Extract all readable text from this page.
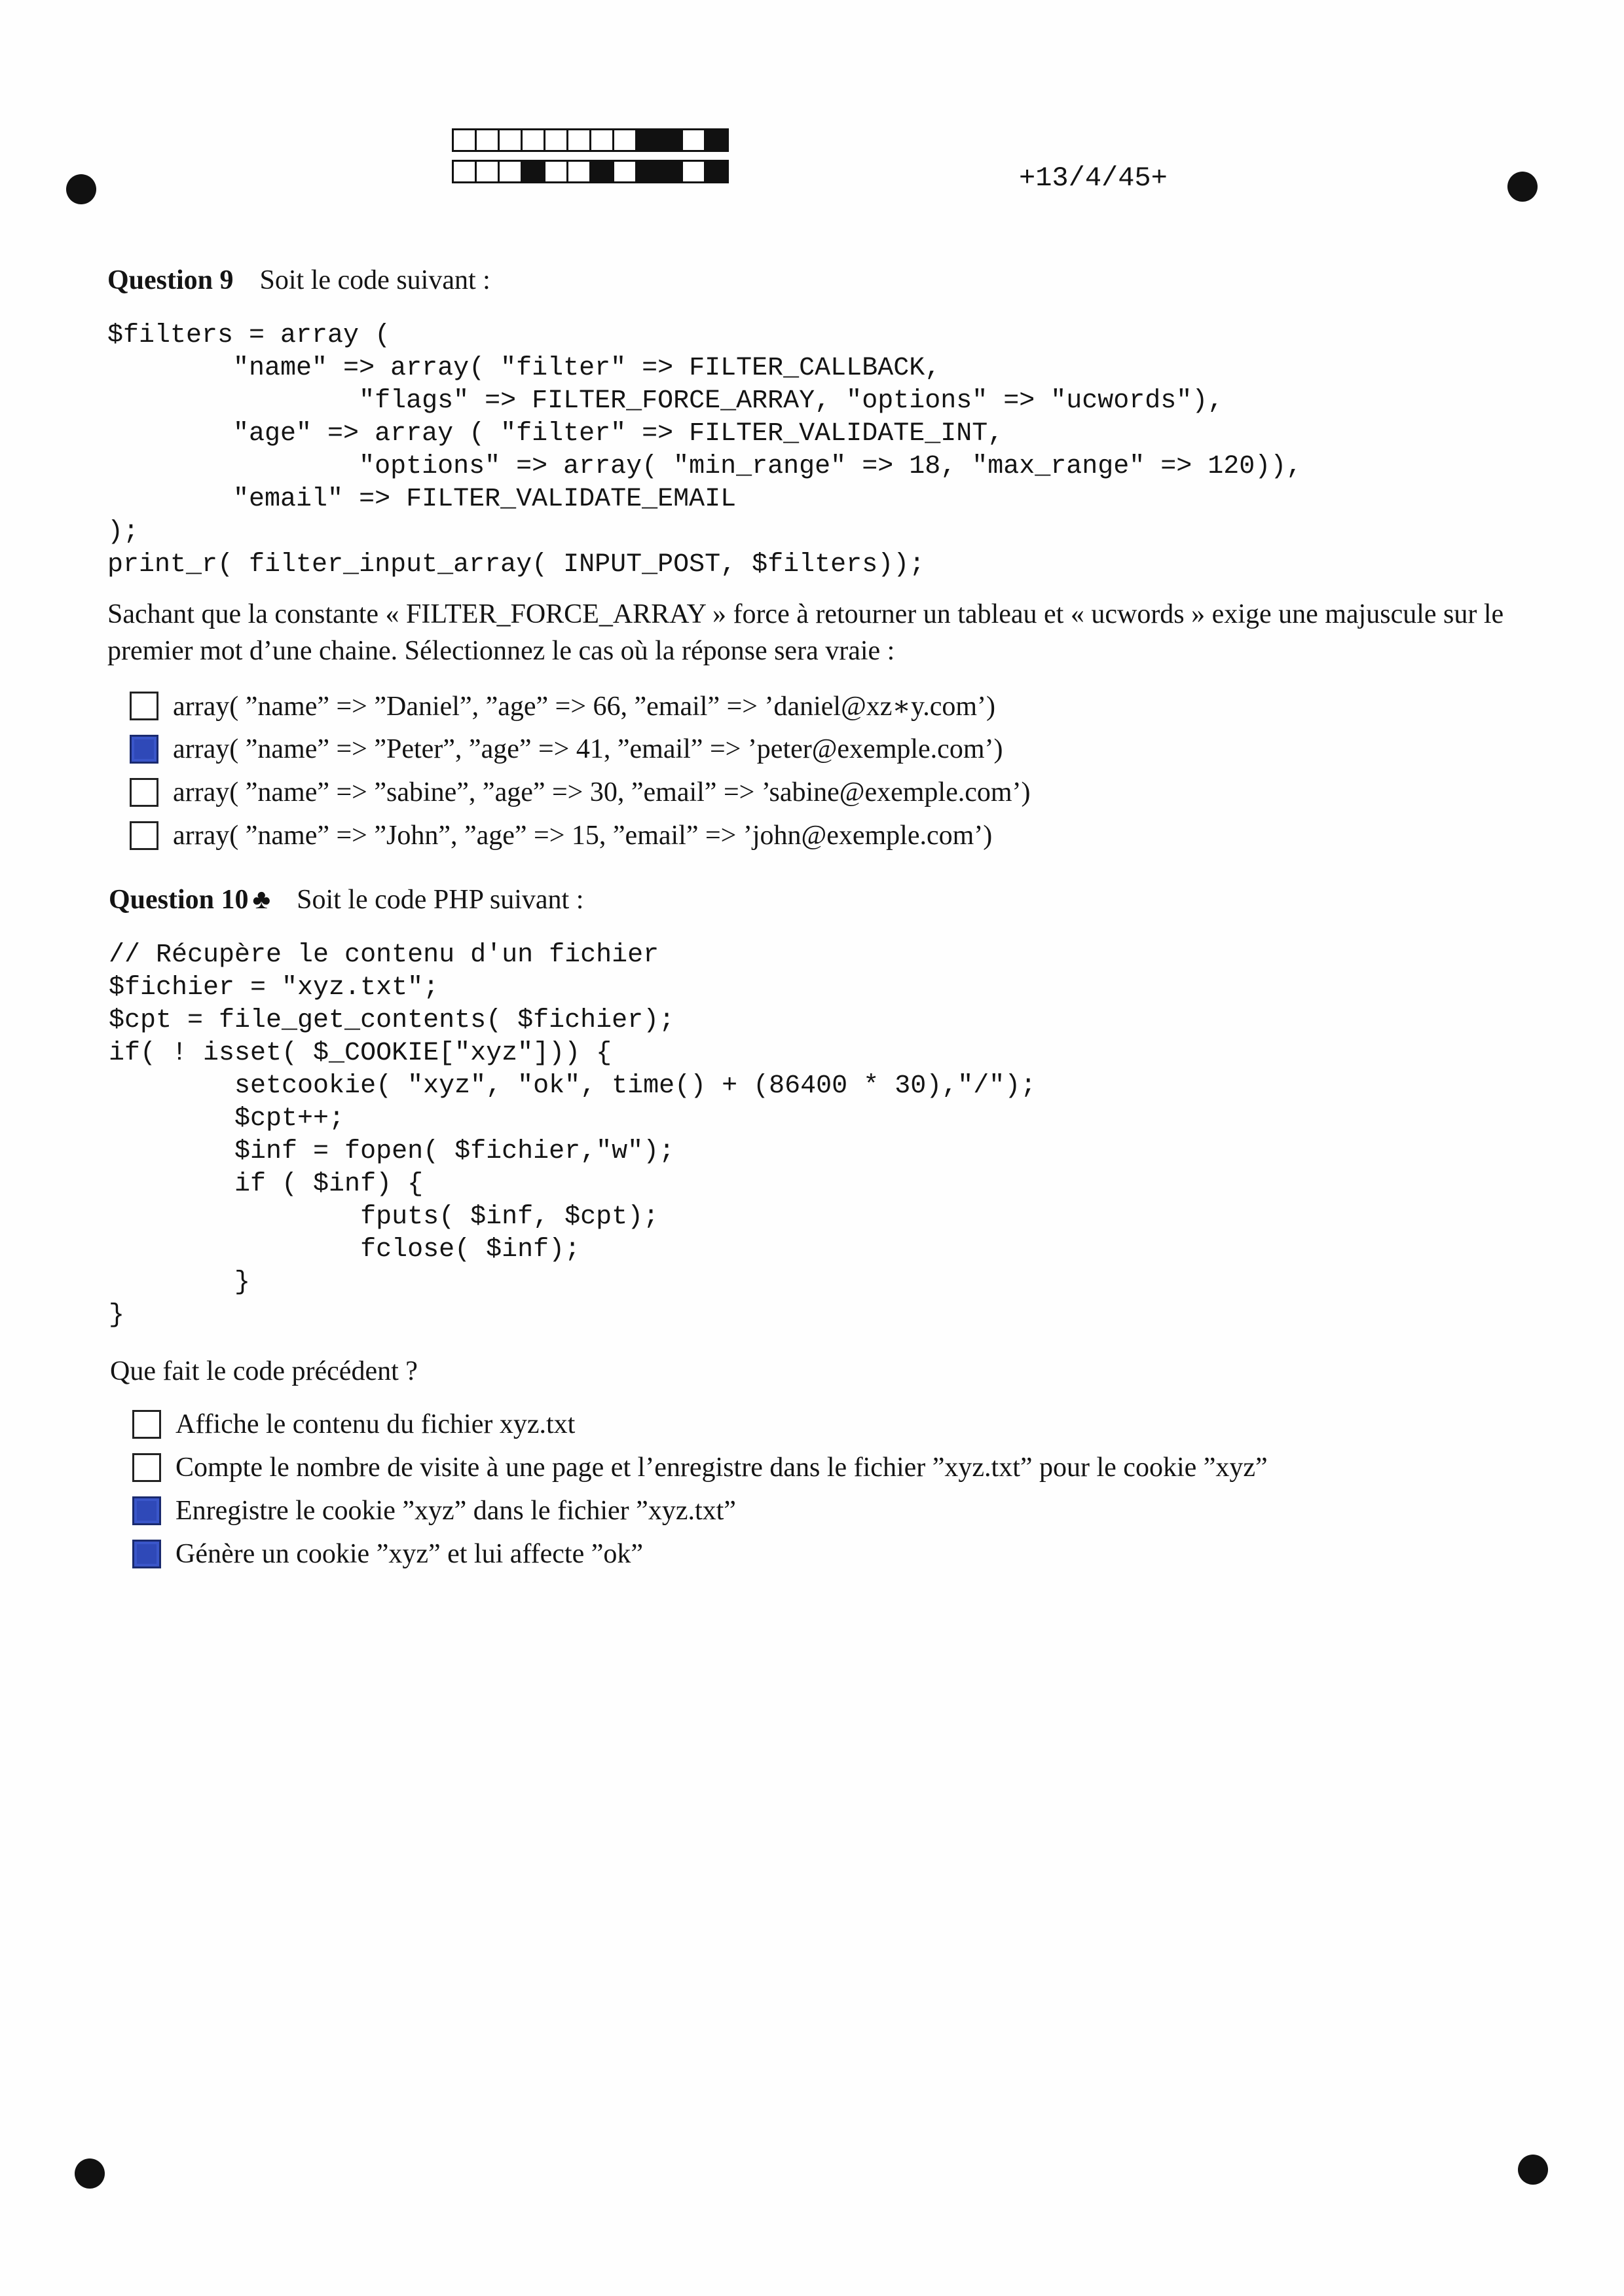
+13/4/45+
Question 9 Soit le code suivant :
$filters = array (
"name" => array( "filter" => FILTER_CALLBACK,
"flags" => FILTER_FORCE_ARRAY, "options" => "ucwords"),
"age" => array ( "filter" => FILTER_VALIDATE_INT,
"options" => array( "min_range" => 18, "max_range" => 120)),
"email" => FILTER_VALIDATE_EMAIL
);
print_r( filter_input_array( INPUT_POST, $filters));

Sachant que la constante « FILTER_FORCE_ARRAY » force à retourner un tableau et « ucwords » exige une majuscule sur le premier mot d’une chaine. Sélectionnez le cas où la réponse sera vraie :

array( ”name” => ”Daniel”, ”age” => 66, ”email” => ’daniel@xz∗y.com’)
array( ”name” => ”Peter”, ”age” => 41, ”email” => ’peter@exemple.com’)
array( ”name” => ”sabine”, ”age” => 30, ”email” => ’sabine@exemple.com’)
array( ”name” => ”John”, ”age” => 15, ”email” => ’john@exemple.com’)
Question 10 ♣ Soit le code PHP suivant :
// Récupère le contenu d'un fichier
$fichier = "xyz.txt";
$cpt = file_get_contents( $fichier);
if( ! isset( $_COOKIE["xyz"])) {
setcookie( "xyz", "ok", time() + (86400 * 30),"/");
$cpt++;
$inf = fopen( $fichier,"w");
if ( $inf) {
fputs( $inf, $cpt);
fclose( $inf);
}
}

Que fait le code précédent ?

Affiche le contenu du fichier xyz.txt
Compte le nombre de visite à une page et l’enregistre dans le fichier ”xyz.txt” pour le cookie ”xyz”
Enregistre le cookie ”xyz” dans le fichier ”xyz.txt”
Génère un cookie ”xyz” et lui affecte ”ok”
